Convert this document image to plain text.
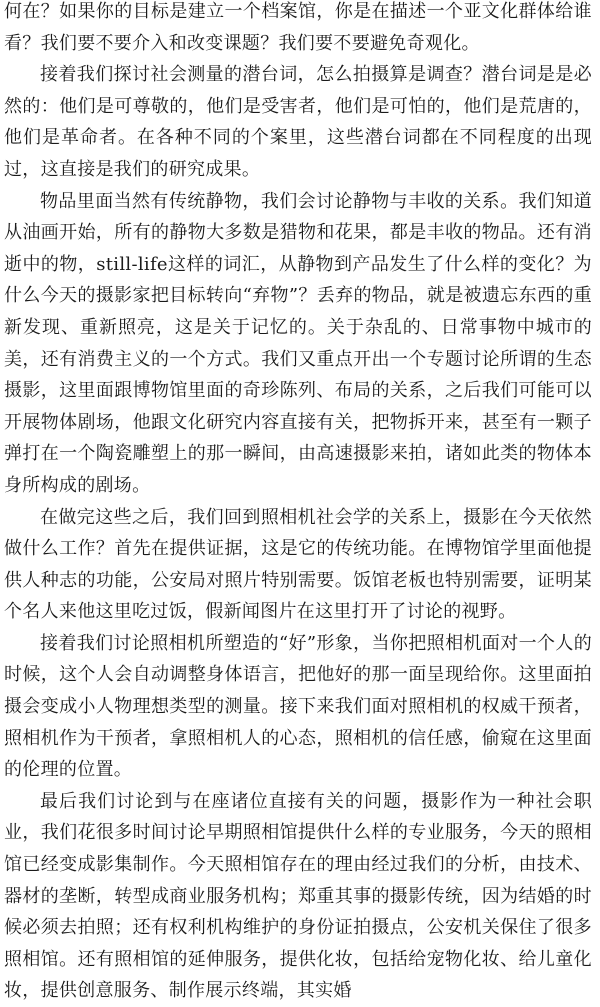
何在？如果你的目标是建立一个档案馆，你是在描述一个亚文化群体给谁看？我们要不要介入和改变课题？我们要不要避免奇观化。

接着我们探讨社会测量的潜台词，怎么拍摄算是调查？潜台词是是必然的：他们是可尊敬的，他们是受害者，他们是可怕的，他们是荒唐的，他们是革命者。在各种不同的个案里，这些潜台词都在不同程度的出现过，这直接是我们的研究成果。

物品里面当然有传统静物，我们会讨论静物与丰收的关系。我们知道从油画开始，所有的静物大多数是猎物和花果，都是丰收的物品。还有消逝中的物，still-life这样的词汇，从静物到产品发生了什么样的变化？为什么今天的摄影家把目标转向“弃物”？丢弃的物品，就是被遗忘东西的重新发现、重新照亮，这是关于记忆的。关于杂乱的、日常事物中城市的美，还有消费主义的一个方式。我们又重点开出一个专题讨论所谓的生态摄影，这里面跟博物馆里面的奇珍陈列、布局的关系，之后我们可能可以开展物体剧场，他跟文化研究内容直接有关，把物拆开来，甚至有一颗子弹打在一个陶瓷雕塑上的那一瞬间，由高速摄影来拍，诸如此类的物体本身所构成的剧场。

在做完这些之后，我们回到照相机社会学的关系上，摄影在今天依然做什么工作？首先在提供证据，这是它的传统功能。在博物馆学里面他提供人种志的功能，公安局对照片特别需要。饭馆老板也特别需要，证明某个名人来他这里吃过饭，假新闻图片在这里打开了讨论的视野。

接着我们讨论照相机所塑造的“好”形象，当你把照相机面对一个人的时候，这个人会自动调整身体语言，把他好的那一面呈现给你。这里面拍摄会变成小人物理想类型的测量。接下来我们面对照相机的权威干预者，照相机作为干预者，拿照相机人的心态，照相机的信任感，偷窥在这里面的伦理的位置。

最后我们讨论到与在座诸位直接有关的问题，摄影作为一种社会职业，我们花很多时间讨论早期照相馆提供什么样的专业服务，今天的照相馆已经变成影集制作。今天照相馆存在的理由经过我们的分析，由技术、器材的垄断，转型成商业服务机构；郑重其事的摄影传统，因为结婚的时候必须去拍照；还有权利机构维护的身份证拍摄点，公安机关保住了很多照相馆。还有照相馆的延伸服务，提供化妆，包括给宠物化妆、给儿童化妆，提供创意服务、制作展示终端，其实婚
